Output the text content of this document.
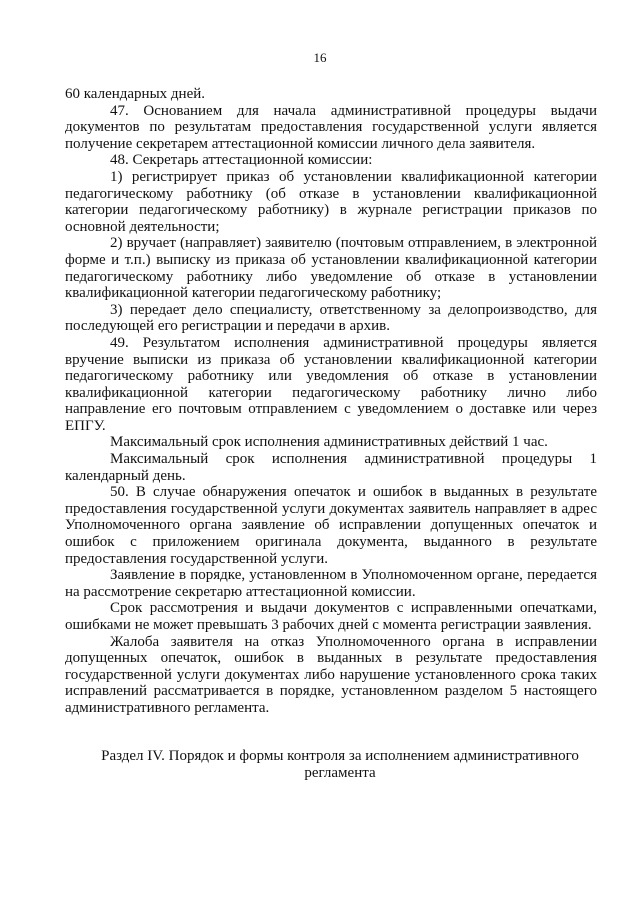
16

60 календарных дней.

47. Основанием для начала административной процедуры выдачи документов по результатам предоставления государственной услуги является получение секретарем аттестационной комиссии личного дела заявителя.

48. Секретарь аттестационной комиссии:

1) регистрирует приказ об установлении квалификационной категории педагогическому работнику (об отказе в установлении квалификационной категории педагогическому работнику) в журнале регистрации приказов по основной деятельности;

2) вручает (направляет) заявителю (почтовым отправлением, в электронной форме и т.п.) выписку из приказа об установлении квалификационной категории педагогическому работнику либо уведомление об отказе в установлении квалификационной категории педагогическому работнику;

3) передает дело специалисту, ответственному за делопроизводство, для последующей его регистрации и передачи в архив.

49. Результатом исполнения административной процедуры является вручение выписки из приказа об установлении квалификационной категории педагогическому работнику или уведомления об отказе в установлении квалификационной категории педагогическому работнику лично либо направление его почтовым отправлением с уведомлением о доставке или через ЕПГУ.

Максимальный срок исполнения административных действий 1 час.

Максимальный срок исполнения административной процедуры 1 календарный день.

50. В случае обнаружения опечаток и ошибок в выданных в результате предоставления государственной услуги документах заявитель направляет в адрес Уполномоченного органа заявление об исправлении допущенных опечаток и ошибок с приложением оригинала документа, выданного в результате предоставления государственной услуги.

Заявление в порядке, установленном в Уполномоченном органе, передается на рассмотрение секретарю аттестационной комиссии.

Срок рассмотрения и выдачи документов с исправленными опечатками, ошибками не может превышать 3 рабочих дней с момента регистрации заявления.

Жалоба заявителя на отказ Уполномоченного органа в исправлении допущенных опечаток, ошибок в выданных в результате предоставления государственной услуги документах либо нарушение установленного срока таких исправлений рассматривается в порядке, установленном разделом 5 настоящего административного регламента.

Раздел IV. Порядок и формы контроля за исполнением административного регламента
